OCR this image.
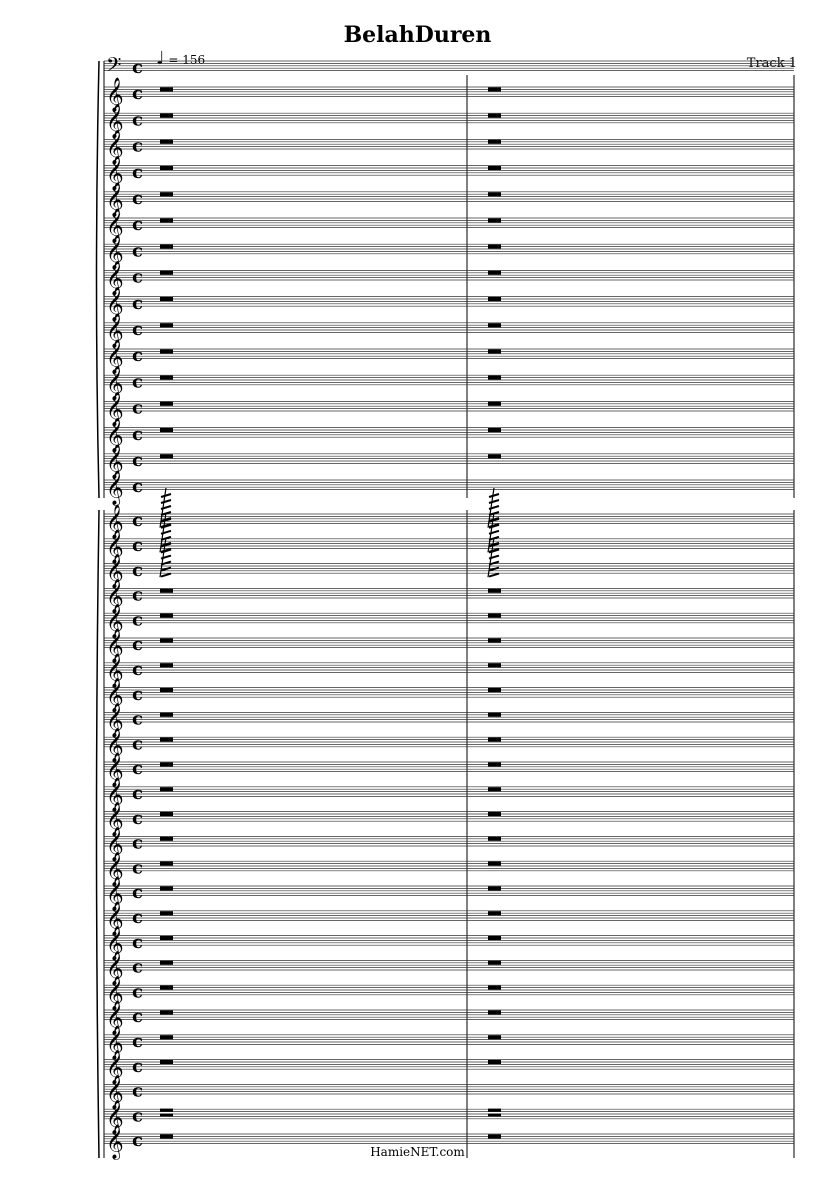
BelahDuren
Track 1
♩ = 156
𝄢 c
𝄞 c
𝄞 c
𝄞 c
𝄞 c
𝄞 c
𝄞 c
𝄞 c
𝄞 c
𝄞 c
𝄞 c
𝄞 c
𝄞 c
𝄞 c
𝄞 c
𝄞 c
𝄞 c
𝄞 c
𝄞 c
𝄞 c
𝄞 c
𝄞 c
𝄞 c
𝄞 c
𝄞 c
𝄞 c
𝄞 c
𝄞 c
𝄞 c
𝄞 c
𝄞 c
𝄞 c
𝄞 c
𝄞 c
𝄞 c
𝄞 c
𝄞 c
𝄞 c
𝄞 c
𝄞 c
𝄞 c
𝄞 c
𝄞 c
HamieNET.com
